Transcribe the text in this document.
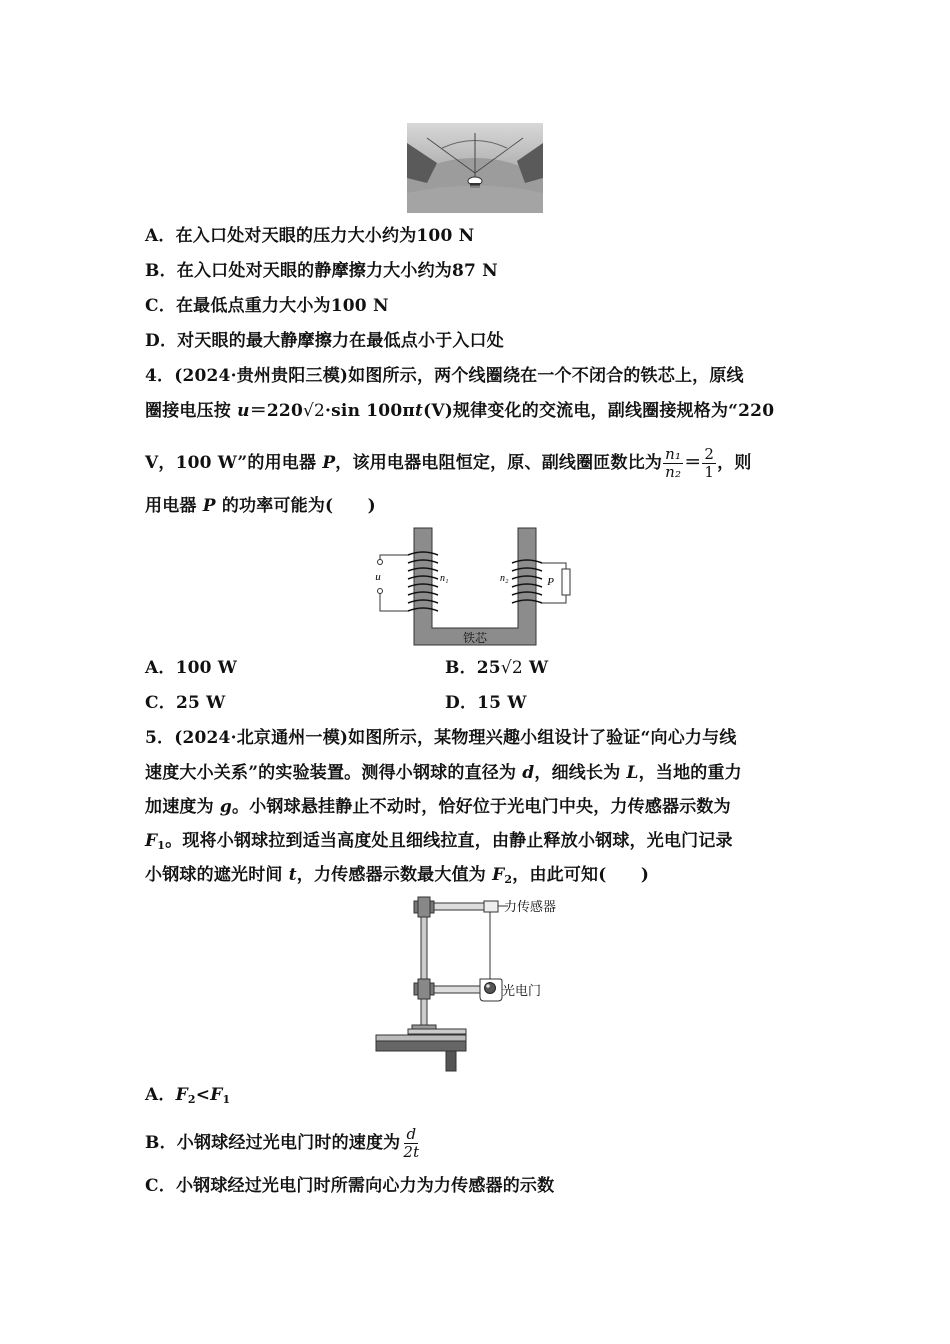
A．在入口处对天眼的压力大小约为100 N
B．在入口处对天眼的静摩擦力大小约为87 N
C．在最低点重力大小为100 N
D．对天眼的最大静摩擦力在最低点小于入口处
4．(2024·贵州贵阳三模)如图所示，两个线圈绕在一个不闭合的铁芯上，原线
圈接电压按 u＝220√2·sin 100πt(V)规律变化的交流电，副线圈接规格为“220
V，100 W”的用电器 P，该用电器电阻恒定，原、副线圈匝数比为 $\frac{\text{n₁}}{\text{n₂}} = \frac{2}{1}$ ，则
用电器 P 的功率可能为(　　)
u	n₁	n₂	P
铁芯
A．100 W	B．25√2 W
C．25 W	D．15 W
5．(2024·北京通州一模)如图所示，某物理兴趣小组设计了验证“向心力与线
速度大小关系”的实验装置。测得小钢球的直径为 d，细线长为 L，当地的重力
加速度为 g。小钢球悬挂静止不动时，恰好位于光电门中央，力传感器示数为
$F_1$。现将小钢球拉到适当高度处且细线拉直，由静止释放小钢球，光电门记录
小钢球的遮光时间 t，力传感器示数最大值为 $F_2$，由此可知(　　)
力传感器
光电门
A．$F_2<F_1$
B．小钢球经过光电门时的速度为 $\frac{d}{2t}$
C．小钢球经过光电门时所需向心力为力传感器的示数
